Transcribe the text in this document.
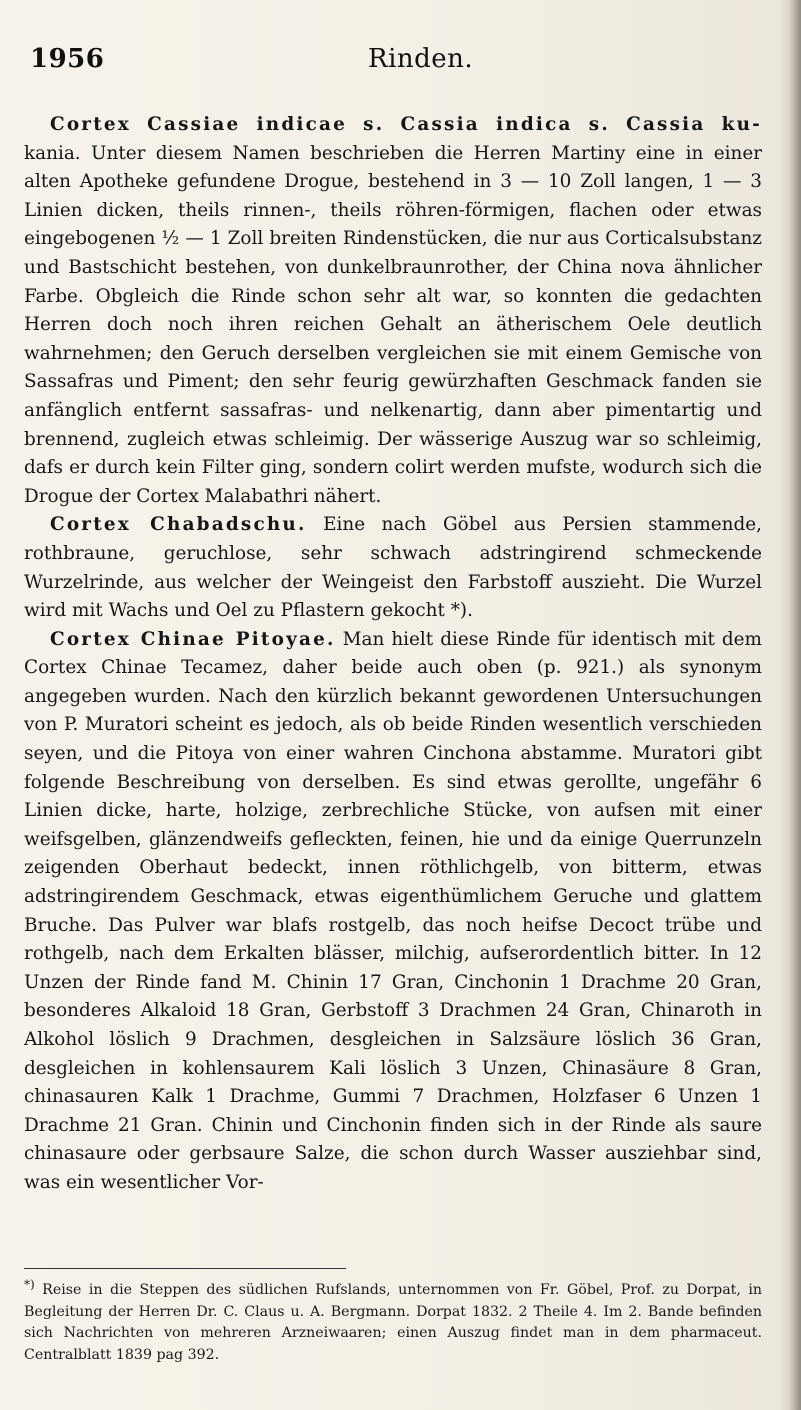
1956	Rinden.

Cortex Cassiae indicae s. Cassia indica s. Cassia ku- kania. Unter diesem Namen beschrieben die Herren Martiny eine in einer alten Apotheke gefundene Drogue, bestehend in 3 — 10 Zoll langen, 1 — 3 Linien dicken, theils rinnen-, theils röhren-förmigen, flachen oder etwas eingebogenen ½ — 1 Zoll breiten Rindenstücken, die nur aus Corticalsubstanz und Bastschicht bestehen, von dunkelbraunrother, der China nova ähnlicher Farbe. Obgleich die Rinde schon sehr alt war, so konnten die gedachten Herren doch noch ihren reichen Gehalt an ätherischem Oele deutlich wahrnehmen; den Geruch derselben vergleichen sie mit einem Gemische von Sassafras und Piment; den sehr feurig gewürzhaften Geschmack fanden sie anfänglich entfernt sassafras- und nelkenartig, dann aber pimentartig und brennend, zugleich etwas schleimig. Der wässerige Auszug war so schleimig, dafs er durch kein Filter ging, sondern colirt werden mufste, wodurch sich die Drogue der Cortex Malabathri nähert.

Cortex Chabadschu. Eine nach Göbel aus Persien stammende, rothbraune, geruchlose, sehr schwach adstringirend schmeckende Wurzelrinde, aus welcher der Weingeist den Farbstoff auszieht. Die Wurzel wird mit Wachs und Oel zu Pflastern gekocht *).

Cortex Chinae Pitoyae. Man hielt diese Rinde für identisch mit dem Cortex Chinae Tecamez, daher beide auch oben (p. 921.) als synonym angegeben wurden. Nach den kürzlich bekannt gewordenen Untersuchungen von P. Muratori scheint es jedoch, als ob beide Rinden wesentlich verschieden seyen, und die Pitoya von einer wahren Cinchona abstamme. Muratori gibt folgende Beschreibung von derselben. Es sind etwas gerollte, ungefähr 6 Linien dicke, harte, holzige, zerbrechliche Stücke, von aufsen mit einer weifsgelben, glänzendweifs gefleckten, feinen, hie und da einige Querrunzeln zeigenden Oberhaut bedeckt, innen röthlichgelb, von bitterm, etwas adstringirendem Geschmack, etwas eigenthümlichem Geruche und glattem Bruche. Das Pulver war blafs rostgelb, das noch heifse Decoct trübe und rothgelb, nach dem Erkalten blässer, milchig, aufserordentlich bitter. In 12 Unzen der Rinde fand M. Chinin 17 Gran, Cinchonin 1 Drachme 20 Gran, besonderes Alkaloid 18 Gran, Gerbstoff 3 Drachmen 24 Gran, Chinaroth in Alkohol löslich 9 Drachmen, desgleichen in Salzsäure löslich 36 Gran, desgleichen in kohlensaurem Kali löslich 3 Unzen, Chinasäure 8 Gran, chinasauren Kalk 1 Drachme, Gummi 7 Drachmen, Holzfaser 6 Unzen 1 Drachme 21 Gran. Chinin und Cinchonin finden sich in der Rinde als saure chinasaure oder gerbsaure Salze, die schon durch Wasser ausziehbar sind, was ein wesentlicher Vor-

*) Reise in die Steppen des südlichen Rufslands, unternommen von Fr. Göbel, Prof. zu Dorpat, in Begleitung der Herren Dr. C. Claus u. A. Bergmann. Dorpat 1832. 2 Theile 4. Im 2. Bande befinden sich Nachrichten von mehreren Arzneiwaaren; einen Auszug findet man in dem pharmaceut. Centralblatt 1839 pag 392.
